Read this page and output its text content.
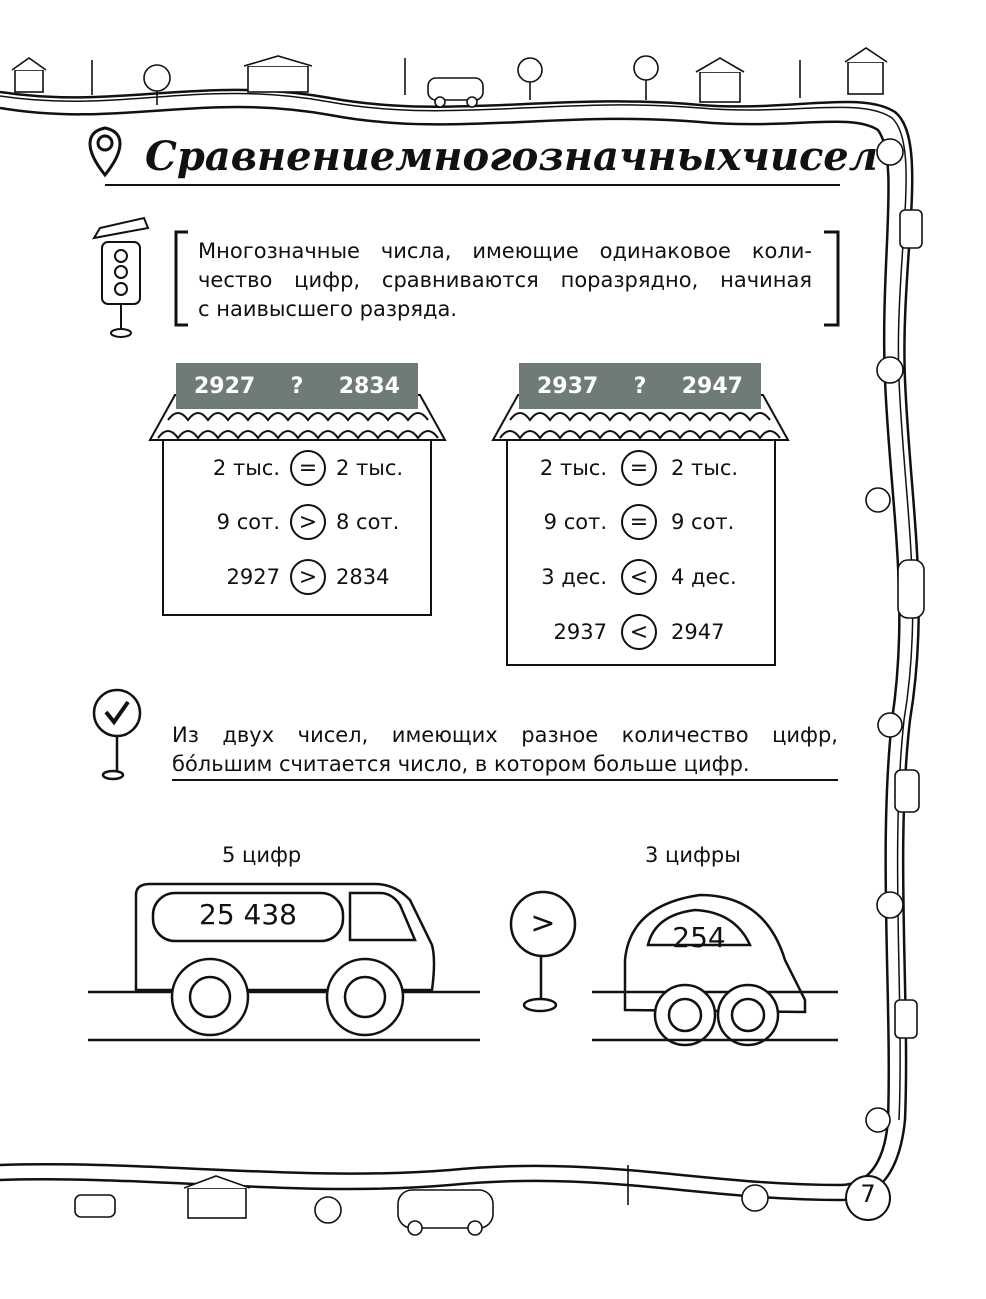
Сравнение многозначных чисел
Многозначные числа, имеющие одинаковое коли-
чество цифр, сравниваются поразрядно, начиная
с наивысшего разряда.
2927 ? 2834
2 тыс. = 2 тыс.
9 сот. > 8 сот.
2927 > 2834
2937 ? 2947
2 тыс.	=	2 тыс.
9 сот.	=	9 сот.
3 дес.	<	4 дес.
2937	<	2947
Из двух чисел, имеющих разное количество цифр,
бо́льшим считается число, в котором больше цифр.
5 цифр
25 438	>
3 цифры
254
7
